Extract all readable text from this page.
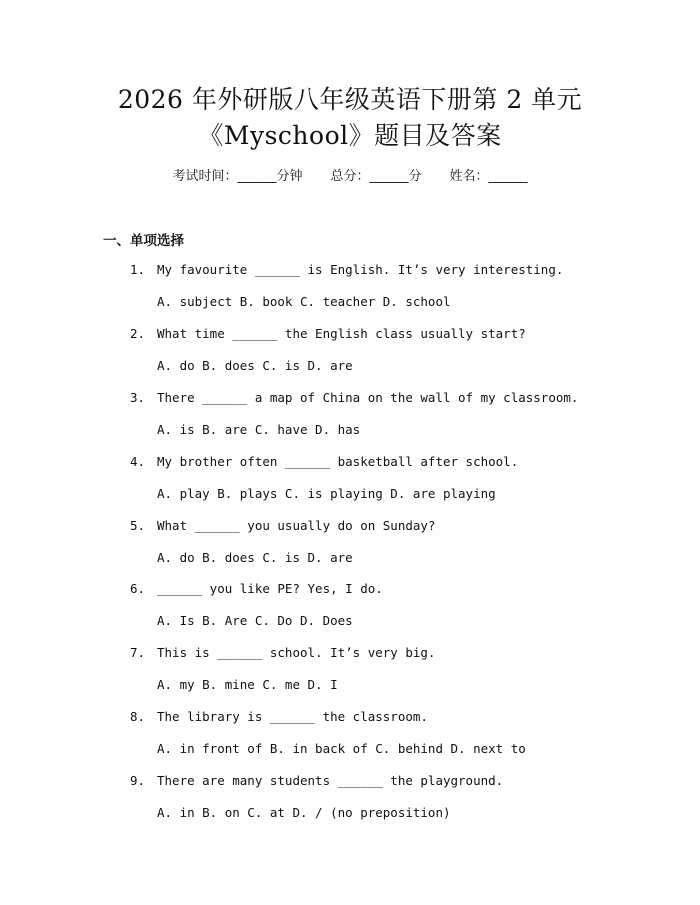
2026 年外研版八年级英语下册第 2 单元
《Myschool》题目及答案
考试时间：______分钟 总分：______分 姓名：______
一、单项选择
1. My favourite ______ is English. It’s very interesting.
A. subject B. book C. teacher D. school
2. What time ______ the English class usually start?
A. do B. does C. is D. are
3. There ______ a map of China on the wall of my classroom.
A. is B. are C. have D. has
4. My brother often ______ basketball after school.
A. play B. plays C. is playing D. are playing
5. What ______ you usually do on Sunday?
A. do B. does C. is D. are
6. ______ you like PE? Yes, I do.
A. Is B. Are C. Do D. Does
7. This is ______ school. It’s very big.
A. my B. mine C. me D. I
8. The library is ______ the classroom.
A. in front of B. in back of C. behind D. next to
9. There are many students ______ the playground.
A. in B. on C. at D. / (no preposition)
